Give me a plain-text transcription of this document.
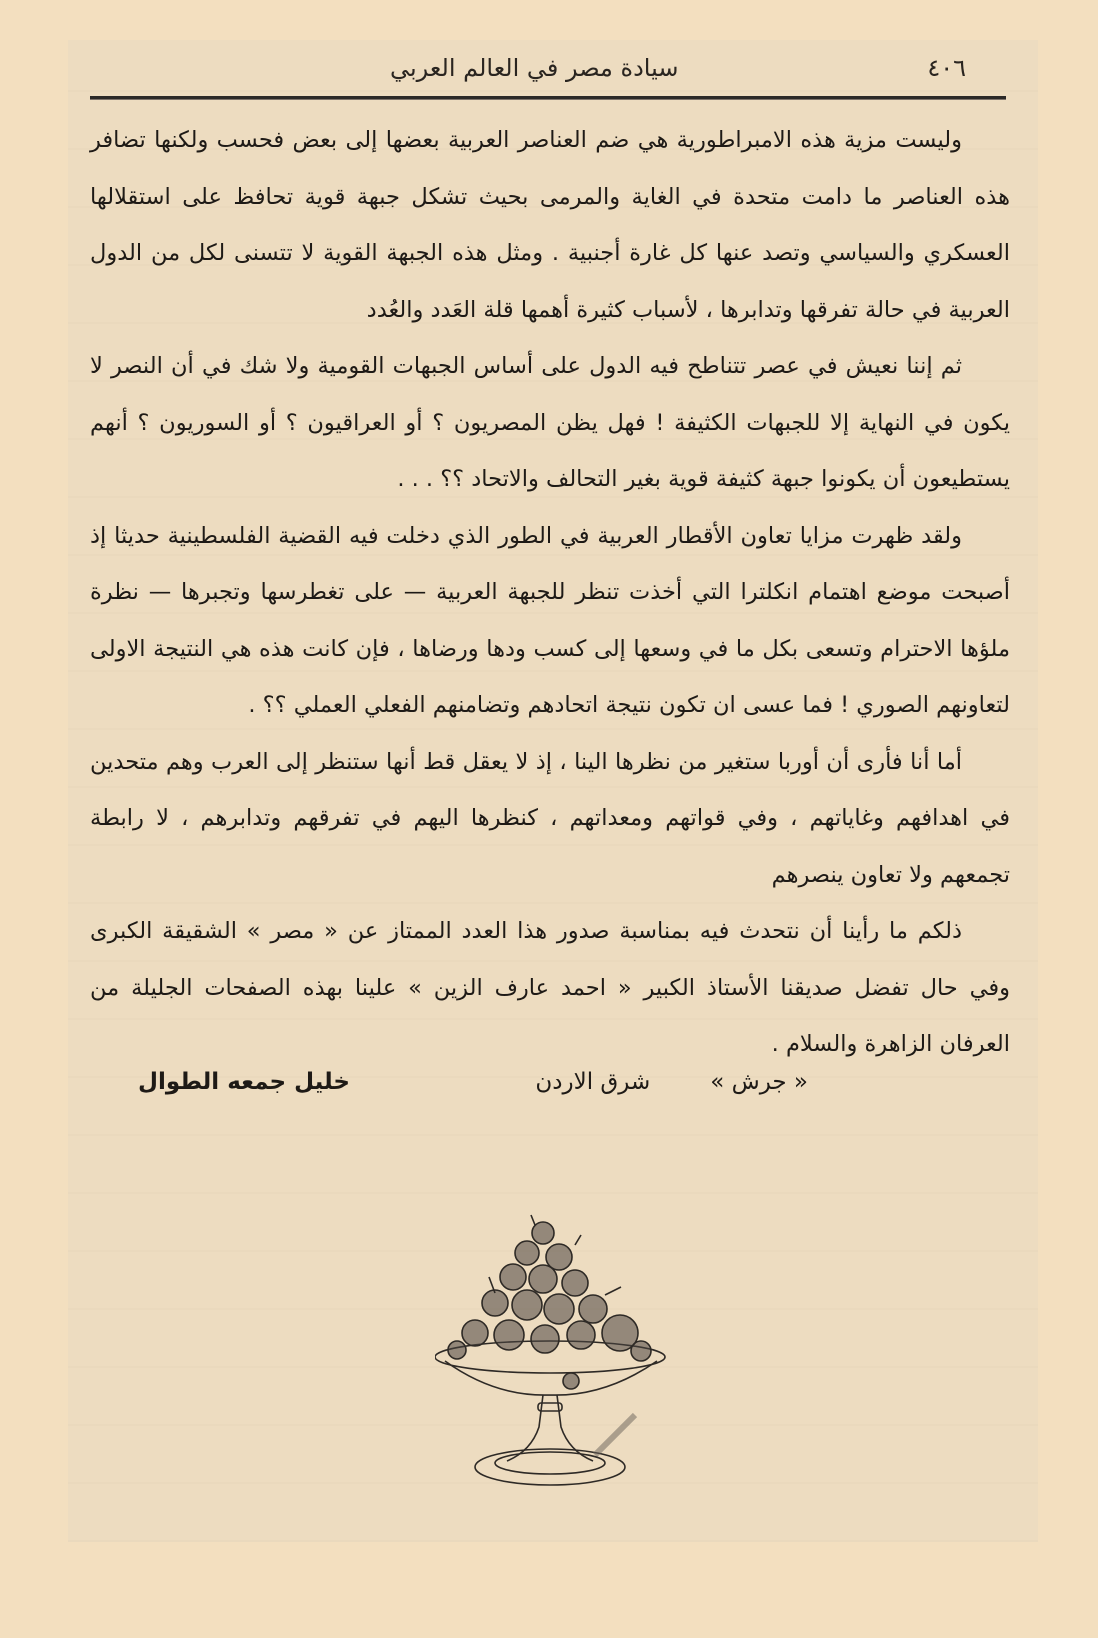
٤٠٦
سيادة مصر في العالم العربي

وليست مزية هذه الامبراطورية هي ضم العناصر العربية بعضها إلى بعض فحسب ولكنها تضافر هذه العناصر ما دامت متحدة في الغاية والمرمى بحيث تشكل جبهة قوية تحافظ على استقلالها العسكري والسياسي وتصد عنها كل غارة أجنبية . ومثل هذه الجبهة القوية لا تتسنى لكل من الدول العربية في حالة تفرقها وتدابرها ، لأسباب كثيرة أهمها قلة العَدد والعُدد

ثم إننا نعيش في عصر تتناطح فيه الدول على أساس الجبهات القومية ولا شك في أن النصر لا يكون في النهاية إلا للجبهات الكثيفة ! فهل يظن المصريون ؟ أو العراقيون ؟ أو السوريون ؟ أنهم يستطيعون أن يكونوا جبهة كثيفة قوية بغير التحالف والاتحاد ؟؟ . . .

ولقد ظهرت مزايا تعاون الأقطار العربية في الطور الذي دخلت فيه القضية الفلسطينية حديثا إذ أصبحت موضع اهتمام انكلترا التي أخذت تنظر للجبهة العربية — على تغطرسها وتجبرها — نظرة ملؤها الاحترام وتسعى بكل ما في وسعها إلى كسب ودها ورضاها ، فإن كانت هذه هي النتيجة الاولى لتعاونهم الصوري ! فما عسى ان تكون نتيجة اتحادهم وتضامنهم الفعلي العملي ؟؟ .

أما أنا فأرى أن أوربا ستغير من نظرها الينا ، إذ لا يعقل قط أنها ستنظر إلى العرب وهم متحدين في اهدافهم وغاياتهم ، وفي قواتهم ومعداتهم ، كنظرها اليهم في تفرقهم وتدابرهم ، لا رابطة تجمعهم ولا تعاون ينصرهم

ذلكم ما رأينا أن نتحدث فيه بمناسبة صدور هذا العدد الممتاز عن « مصر » الشقيقة الكبرى وفي حال تفضل صديقنا الأستاذ الكبير « احمد عارف الزين » علينا بهذه الصفحات الجليلة من العرفان الزاهرة والسلام .

« جرش »
شرق الاردن
خليل جمعه الطوال
